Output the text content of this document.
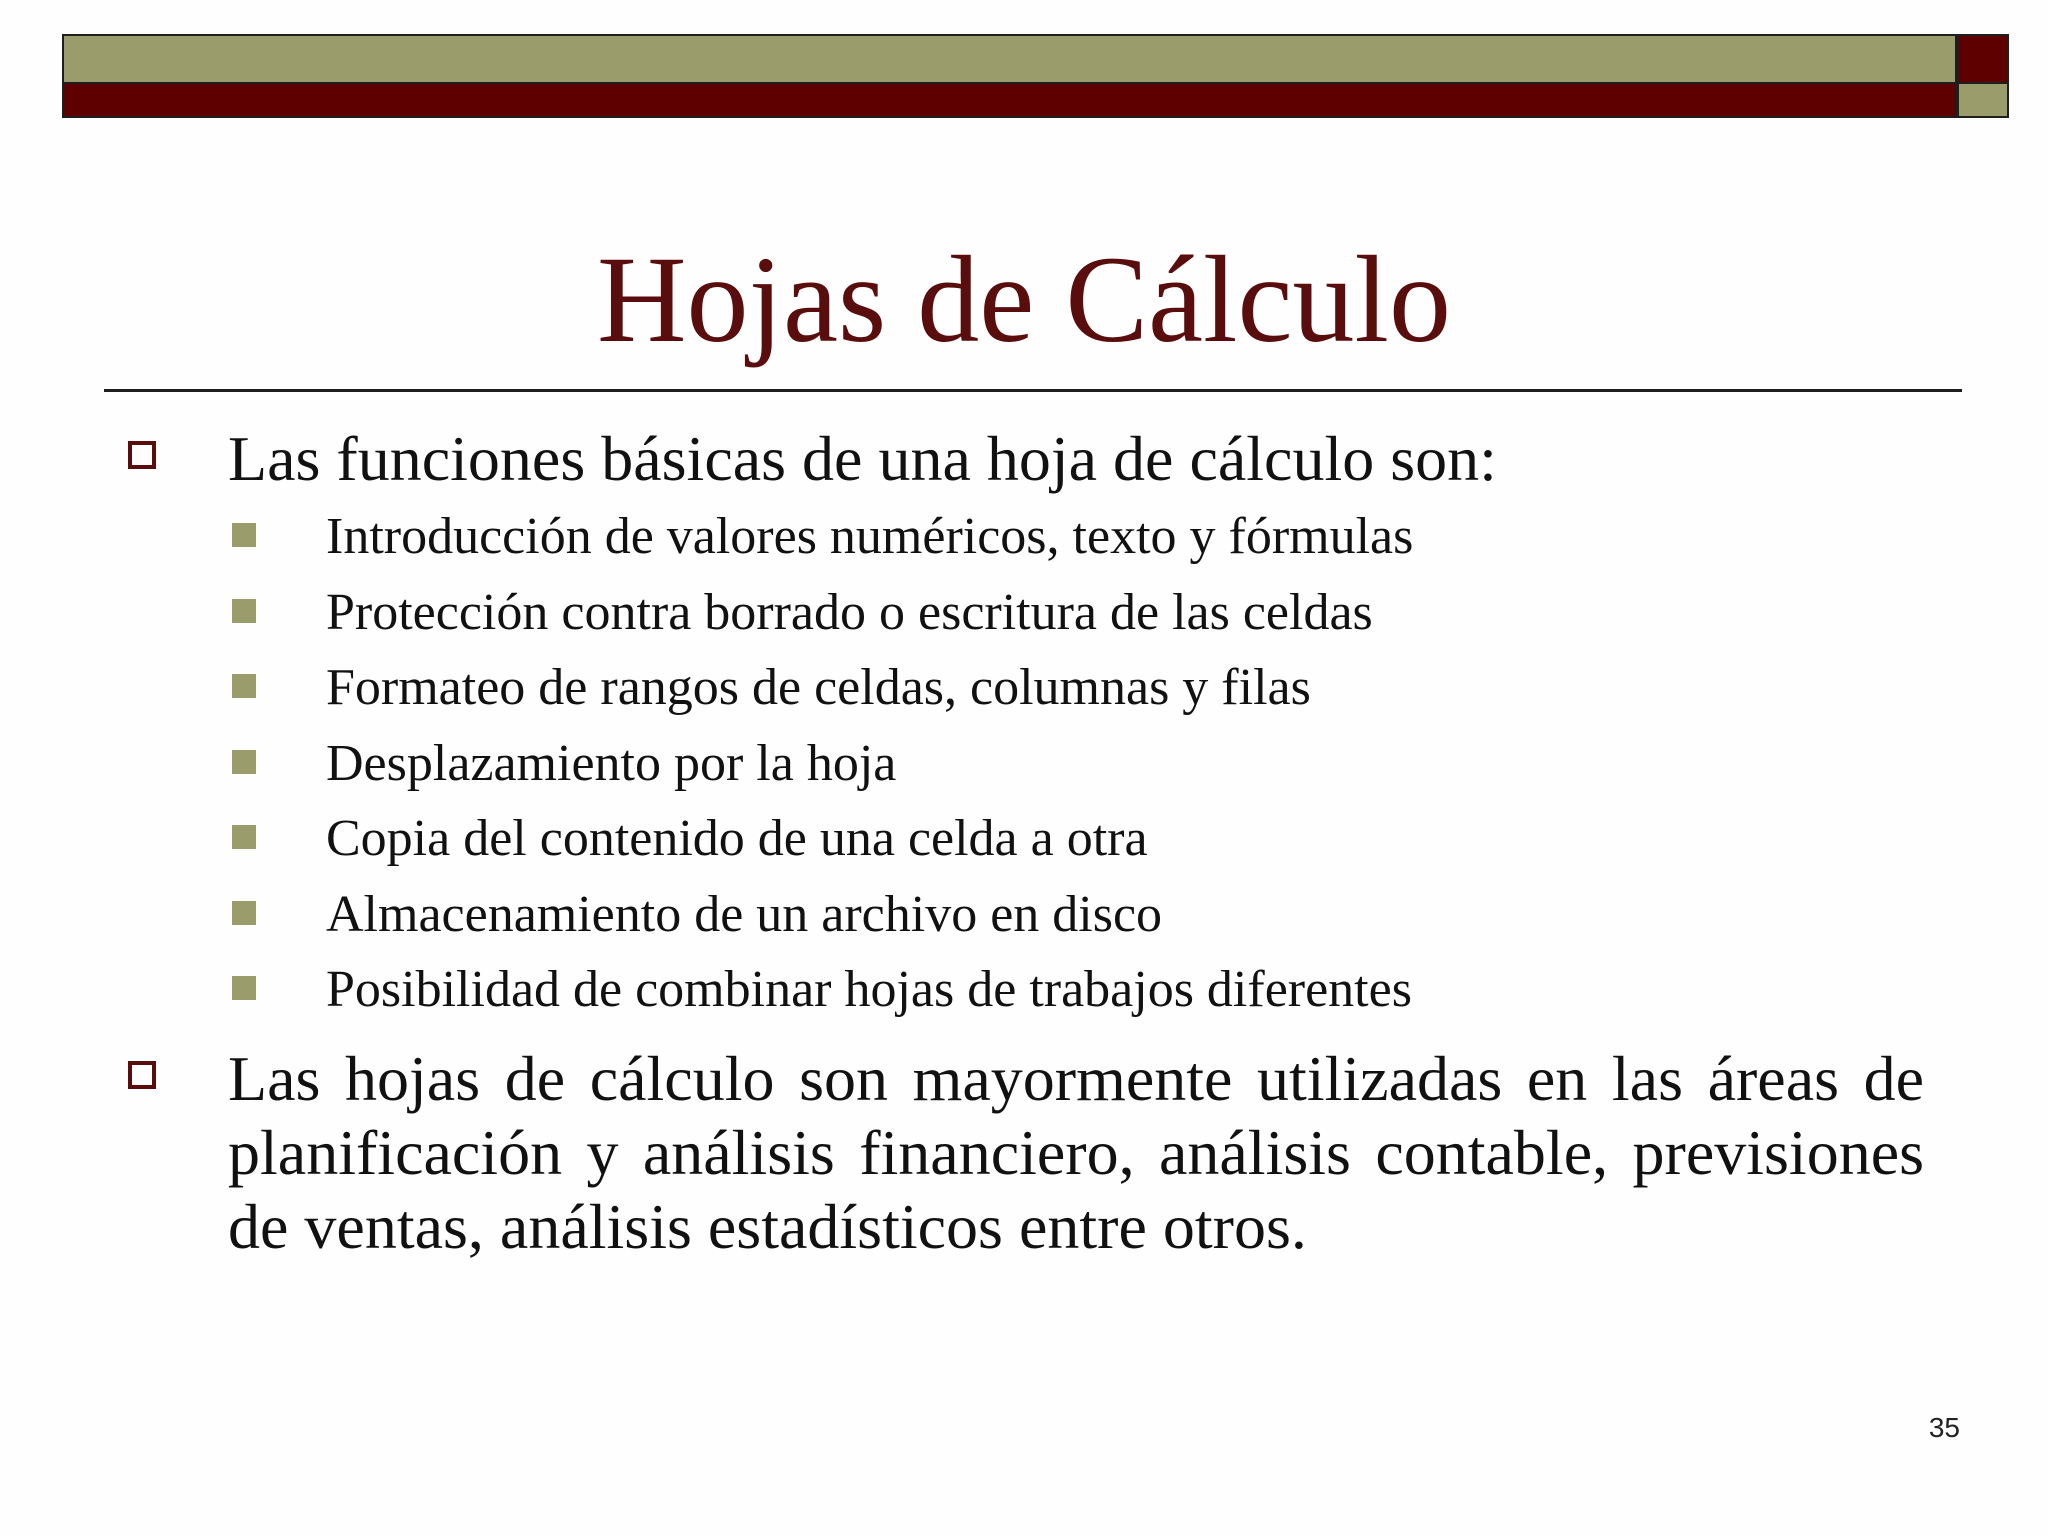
Hojas de Cálculo
Las funciones básicas de una hoja de cálculo son:
Introducción de valores numéricos, texto y fórmulas
Protección contra borrado o escritura de las celdas
Formateo de rangos de celdas, columnas y filas
Desplazamiento por la hoja
Copia del contenido de una celda a otra
Almacenamiento de un archivo en disco
Posibilidad de combinar hojas de trabajos diferentes
Las hojas de cálculo son mayormente utilizadas en las áreas de planificación y análisis financiero, análisis contable, previsiones de ventas, análisis estadísticos entre otros.
35
